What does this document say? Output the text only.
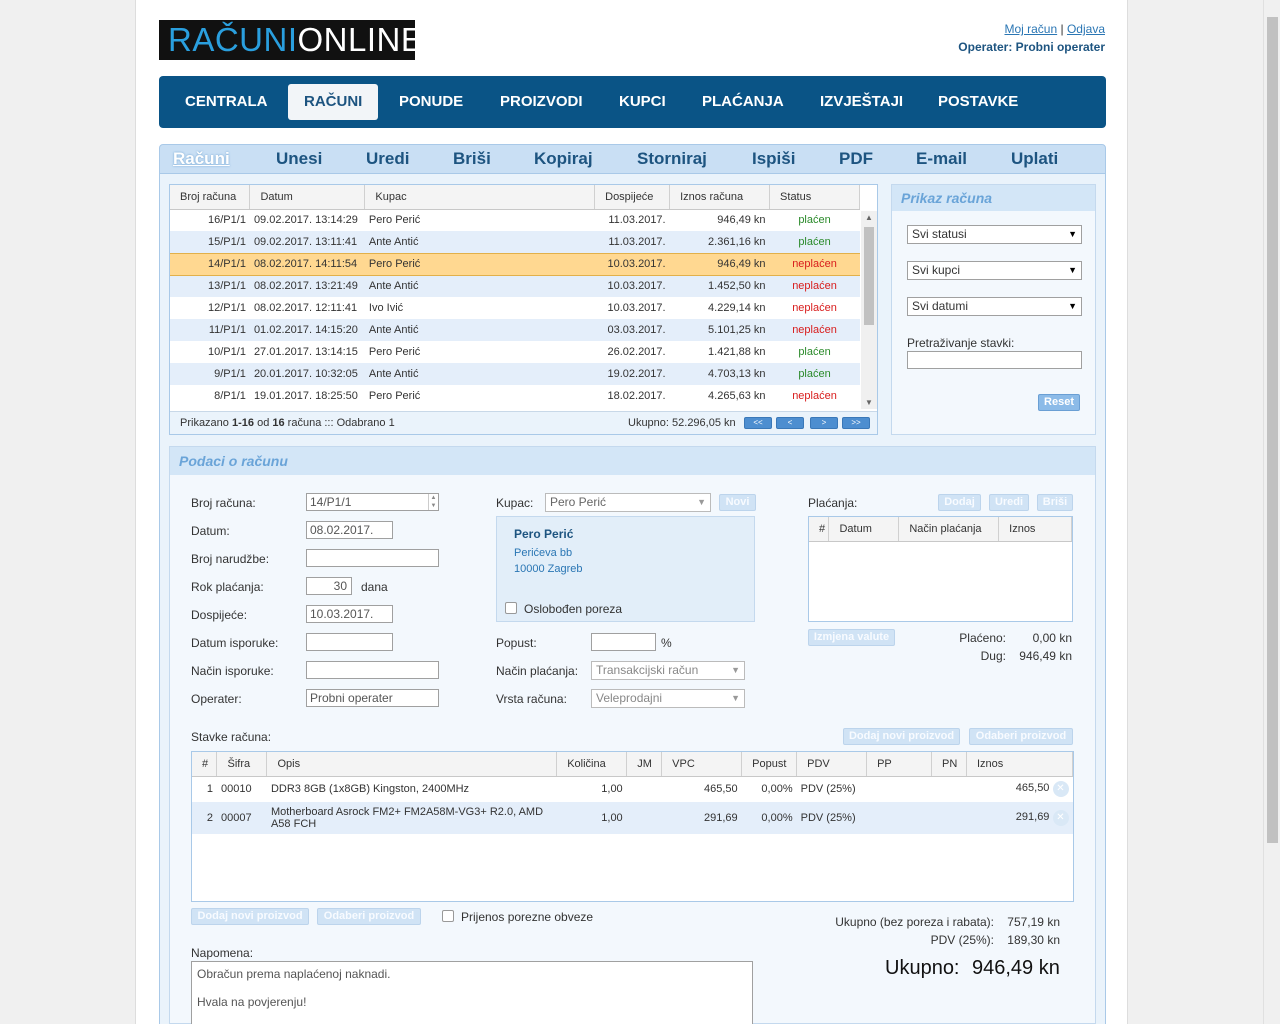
RAČUNIONLINE	Moj račun | Odjava
Operater: Probni operater
CENTRALA	RAČUNI	PONUDE	PROIZVODI	KUPCI	PLAĆANJA	IZVJEŠTAJI	POSTAVKE
Računi	Unesi	Uredi	Briši	Kopiraj	Storniraj	Ispiši	PDF	E-mail	Uplati
Broj računa	Datum	Kupac	Dospijeće	Iznos računa	Status
16/P1/1	09.02.2017. 13:14:29	Pero Perić	11.03.2017.	946,49 kn	plaćen
15/P1/1	09.02.2017. 13:11:41	Ante Antić	11.03.2017.	2.361,16 kn	plaćen
14/P1/1	08.02.2017. 14:11:54	Pero Perić	10.03.2017.	946,49 kn	neplaćen
13/P1/1	08.02.2017. 13:21:49	Ante Antić	10.03.2017.	1.452,50 kn	neplaćen
12/P1/1	08.02.2017. 12:11:41	Ivo Ivić	10.03.2017.	4.229,14 kn	neplaćen
11/P1/1	01.02.2017. 14:15:20	Ante Antić	03.03.2017.	5.101,25 kn	neplaćen
10/P1/1	27.01.2017. 13:14:15	Pero Perić	26.02.2017.	1.421,88 kn	plaćen
9/P1/1	20.01.2017. 10:32:05	Ante Antić	19.02.2017.	4.703,13 kn	plaćen
8/P1/1	19.01.2017. 18:25:50	Pero Perić	18.02.2017.	4.265,63 kn	neplaćen
▲
▼
Prikazano 1-16 od 16 računa ::: Odabrano 1	Ukupno: 52.296,05 kn	<<	<	>	>>
Prikaz računa
Svi statusi	▼
Svi kupci	▼
Svi datumi	▼
Pretraživanje stavki:
Reset
Podaci o računu
Broj računa:	14/P1/1	▲
▼
Datum:	08.02.2017.
Broj narudžbe:
Rok plaćanja:	30	dana
Dospijeće:	10.03.2017.
Datum isporuke:
Način isporuke:
Operater:	Probni operater
Kupac:	Pero Perić	▼	Novi
Pero Perić
Perićeva bb
10000 Zagreb
Oslobođen poreza
Popust:	%
Način plaćanja:	Transakcijski račun	▼
Vrsta računa:	Veleprodajni	▼
Plaćanja:	Dodaj	Uredi	Briši
#	Datum	Način plaćanja	Iznos
Izmjena valute	Plaćeno:	0,00 kn
Dug:	946,49 kn
Stavke računa:	Dodaj novi proizvod	Odaberi proizvod
#	Šifra	Opis	Količina	JM	VPC	Popust	PDV	PP	PN	Iznos
1	00010	DDR3 8GB (1x8GB) Kingston, 2400MHz	1,00		465,50	0,00%	PDV (25%)			465,50 ✕
2	00007	Motherboard Asrock FM2+ FM2A58M-VG3+ R2.0, AMD A58 FCH	1,00		291,69	0,00%	PDV (25%)			291,69 ✕
Dodaj novi proizvod	Odaberi proizvod	Prijenos porezne obveze	Ukupno (bez poreza i rabata):	757,19 kn
PDV (25%):	189,30 kn
Napomena:
Obračun prema naplaćenoj naknadi.

Hvala na povjerenju!
Ukupno: 946,49 kn
